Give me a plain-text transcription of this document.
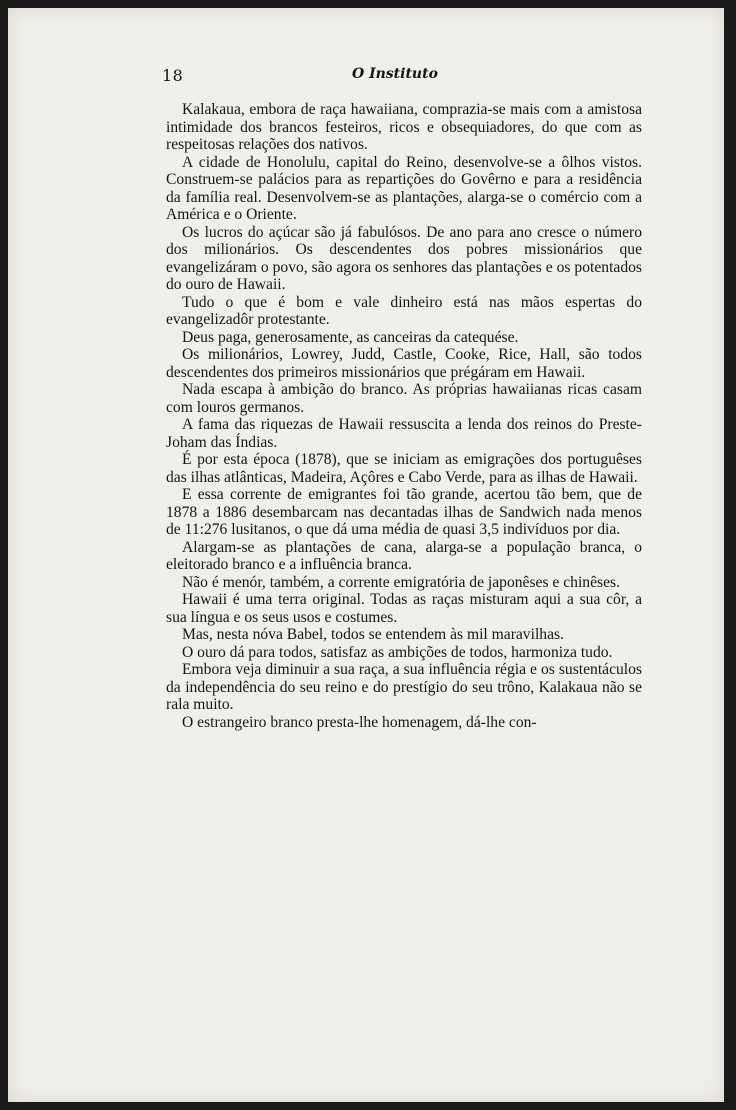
18	O Instituto

Kalakaua, embora de raça hawaiiana, comprazia-se mais com a amistosa intimidade dos brancos festeiros, ricos e obsequiadores, do que com as respeitosas relações dos nativos.

A cidade de Honolulu, capital do Reino, desenvolve-se a ôlhos vistos. Construem-se palácios para as repartições do Govêrno e para a residência da família real. Desenvolvem-se as plantações, alarga-se o comércio com a América e o Oriente.

Os lucros do açúcar são já fabulósos. De ano para ano cresce o número dos milionários. Os descendentes dos pobres missionários que evangelizáram o povo, são agora os senhores das plantações e os potentados do ouro de Hawaii.

Tudo o que é bom e vale dinheiro está nas mãos espertas do evangelizadôr protestante.

Deus paga, generosamente, as canceiras da catequése.

Os milionários, Lowrey, Judd, Castle, Cooke, Rice, Hall, são todos descendentes dos primeiros missionários que prégáram em Hawaii.

Nada escapa à ambição do branco. As próprias hawaiianas ricas casam com louros germanos.

A fama das riquezas de Hawaii ressuscita a lenda dos reinos do Preste-Joham das Índias.

É por esta época (1878), que se iniciam as emigrações dos portuguêses das ilhas atlânticas, Madeira, Açôres e Cabo Verde, para as ilhas de Hawaii.

E essa corrente de emigrantes foi tão grande, acertou tão bem, que de 1878 a 1886 desembarcam nas decantadas ilhas de Sandwich nada menos de 11:276 lusitanos, o que dá uma média de quasi 3,5 indivíduos por dia.

Alargam-se as plantações de cana, alarga-se a população branca, o eleitorado branco e a influência branca.

Não é menór, também, a corrente emigratória de japonêses e chinêses.

Hawaii é uma terra original. Todas as raças misturam aqui a sua côr, a sua língua e os seus usos e costumes.

Mas, nesta nóva Babel, todos se entendem às mil maravilhas.

O ouro dá para todos, satisfaz as ambições de todos, harmoniza tudo.

Embora veja diminuir a sua raça, a sua influência régia e os sustentáculos da independência do seu reino e do prestígio do seu trôno, Kalakaua não se rala muito.

O estrangeiro branco presta-lhe homenagem, dá-lhe con-
